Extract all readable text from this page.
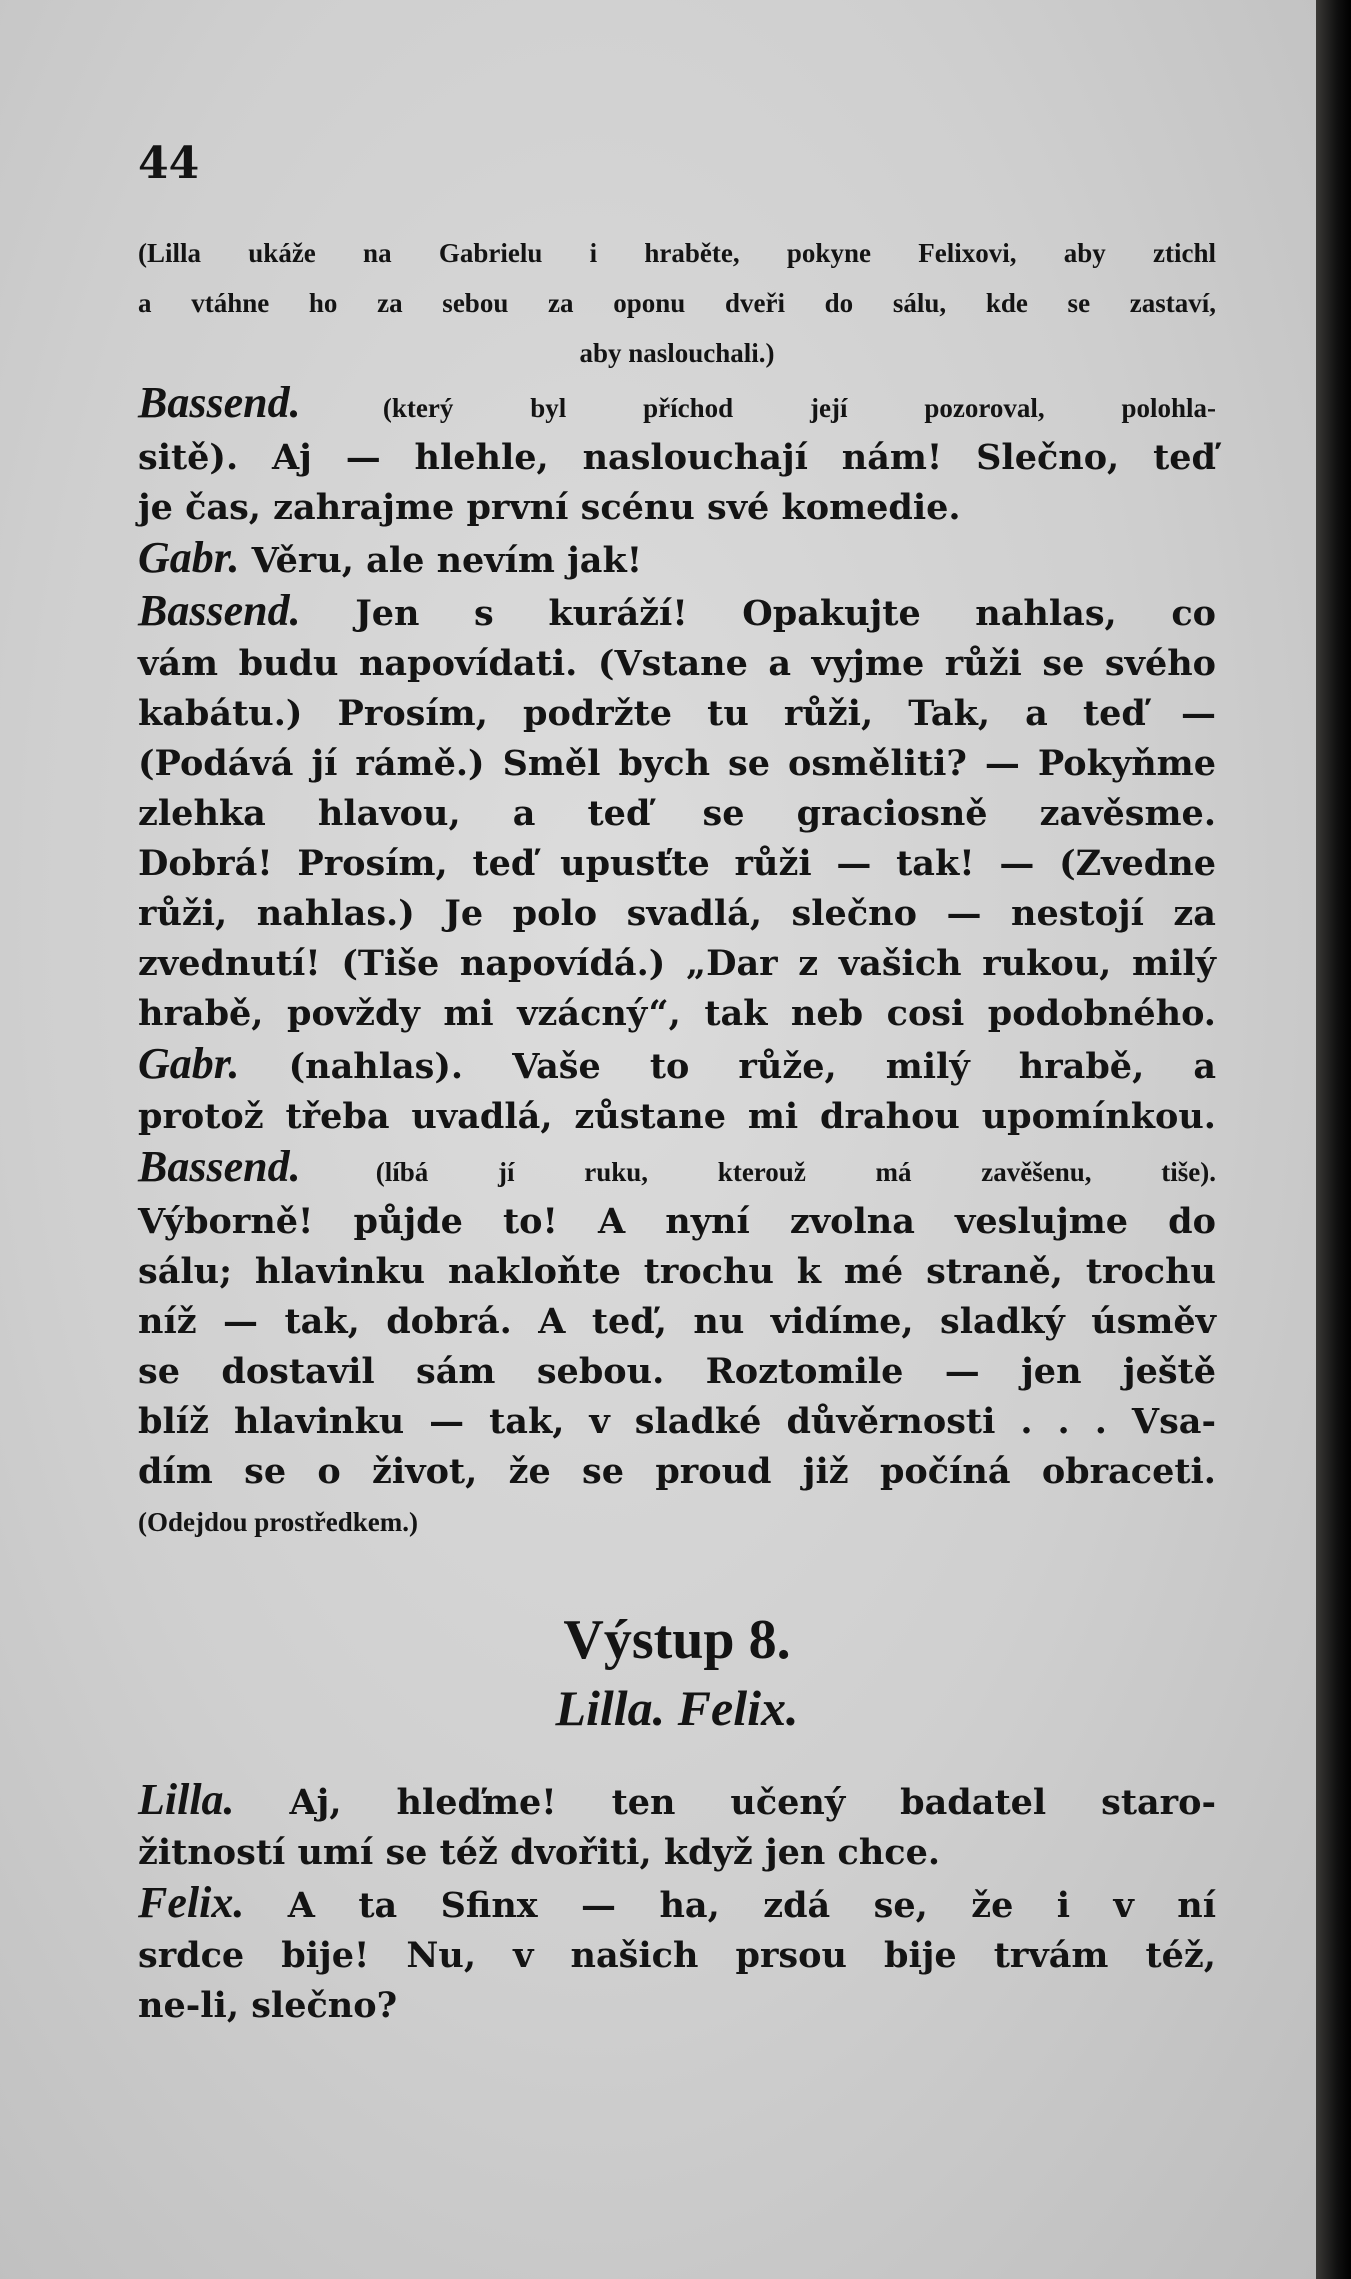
44
(Lilla ukáže na Gabrielu i hraběte, pokyne Felixovi, aby ztichl
a vtáhne ho za sebou za oponu dveři do sálu, kde se zastaví,
aby naslouchali.)
Bassend.	(který byl příchod její pozoroval, polohla-
sitě). Aj — hlehle, naslouchají nám! Slečno, teď
je čas, zahrajme první scénu své komedie.
Gabr. Věru, ale nevím jak!
Bassend. Jen s kuráží! Opakujte nahlas, co
vám budu napovídati. (Vstane a vyjme růži se svého
kabátu.) Prosím, podržte tu růži, Tak, a teď —
(Podává jí rámě.) Směl bych se osměliti? — Pokyňme
zlehka hlavou, a teď se graciosně zavěsme.
Dobrá! Prosím, teď upusťte růži — tak! — (Zvedne
růži, nahlas.) Je polo svadlá, slečno — nestojí za
zvednutí! (Tiše napovídá.) „Dar z vašich rukou, milý
hrabě, povždy mi vzácný“, tak neb cosi podobného.
Gabr. (nahlas). Vaše to růže, milý hrabě, a
protož třeba uvadlá, zůstane mi drahou upomínkou.
Bassend.	(líbá jí ruku, kterouž má zavěšenu, tiše).
Výborně! půjde to! A nyní zvolna veslujme do
sálu; hlavinku nakloňte trochu k mé straně, trochu
níž — tak, dobrá. A teď, nu vidíme, sladký úsměv
se dostavil sám sebou. Roztomile — jen ještě
blíž hlavinku — tak, v sladké důvěrnosti . . . Vsa-
dím se o život, že se proud již počíná obraceti.
(Odejdou prostředkem.)
Výstup 8.
Lilla. Felix.
Lilla. Aj, hleďme! ten učený badatel staro-
žitností umí se též dvořiti, když jen chce.
Felix. A ta Sfinx — ha, zdá se, že i v ní
srdce bije! Nu, v našich prsou bije trvám též,
ne-li, slečno?
